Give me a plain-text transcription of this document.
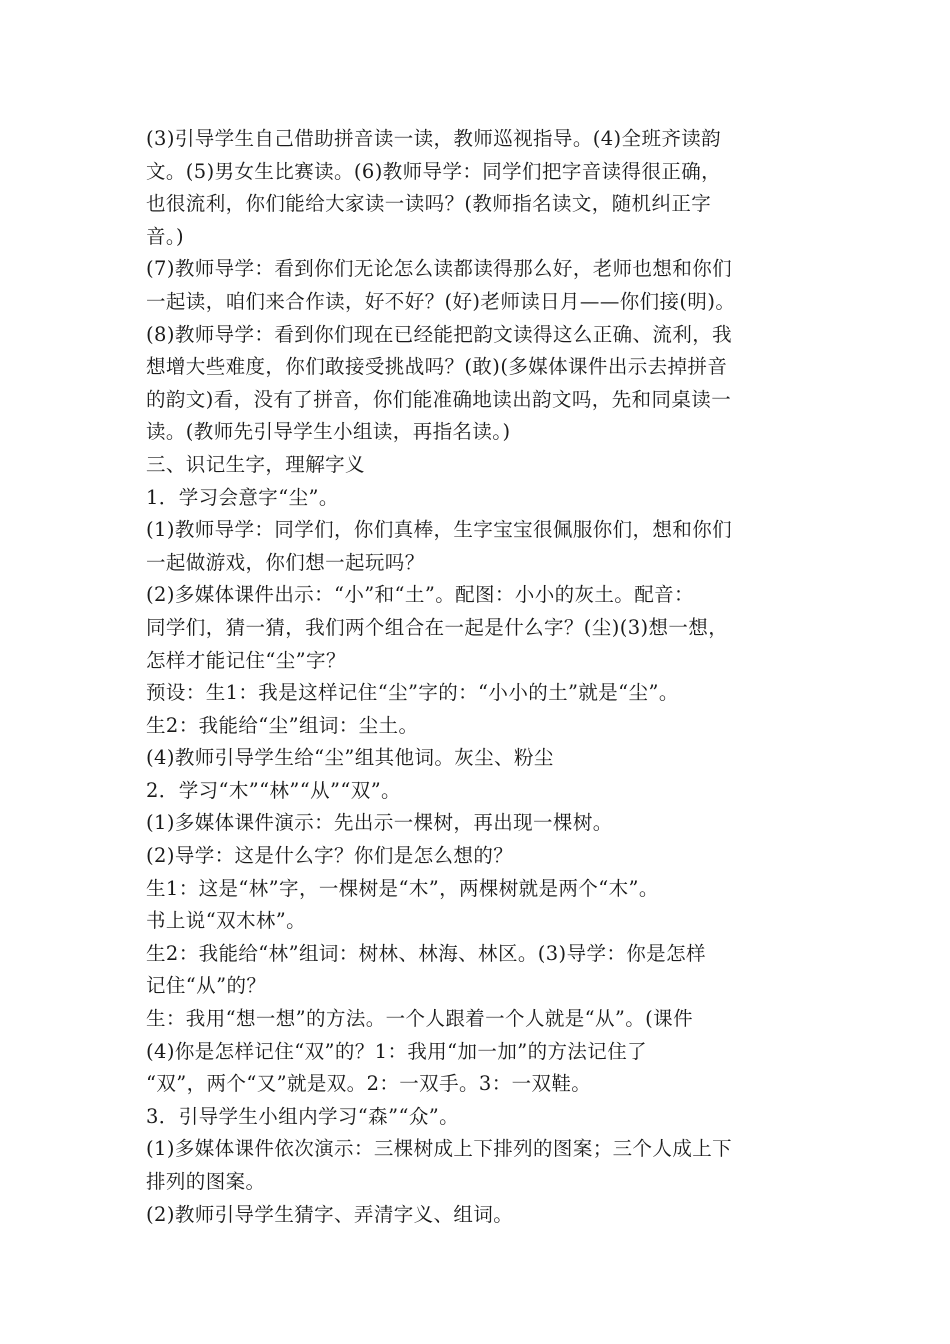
(3)引导学生自己借助拼音读一读，教师巡视指导。(4)全班齐读韵
文。(5)男女生比赛读。(6)教师导学：同学们把字音读得很正确，
也很流利，你们能给大家读一读吗？(教师指名读文，随机纠正字
音。)
(7)教师导学：看到你们无论怎么读都读得那么好，老师也想和你们
一起读，咱们来合作读，好不好？(好)老师读日月——你们接(明)。
(8)教师导学：看到你们现在已经能把韵文读得这么正确、流利，我
想增大些难度，你们敢接受挑战吗？(敢)(多媒体课件出示去掉拼音
的韵文)看，没有了拼音，你们能准确地读出韵文吗，先和同桌读一
读。(教师先引导学生小组读，再指名读。)
三、识记生字，理解字义
1．学习会意字“尘”。
(1)教师导学：同学们，你们真棒，生字宝宝很佩服你们，想和你们
一起做游戏，你们想一起玩吗？
(2)多媒体课件出示：“小”和“土”。配图：小小的灰土。配音：
同学们，猜一猜，我们两个组合在一起是什么字？(尘)(3)想一想，
怎样才能记住“尘”字？
预设：生1：我是这样记住“尘”字的：“小小的土”就是“尘”。
生2：我能给“尘”组词：尘土。
(4)教师引导学生给“尘”组其他词。灰尘、粉尘
2．学习“木”“林”“从”“双”。
(1)多媒体课件演示：先出示一棵树，再出现一棵树。
(2)导学：这是什么字？你们是怎么想的？
生1：这是“林”字，一棵树是“木”，两棵树就是两个“木”。
书上说“双木林”。
生2：我能给“林”组词：树林、林海、林区。(3)导学：你是怎样
记住“从”的？
生：我用“想一想”的方法。一个人跟着一个人就是“从”。(课件
(4)你是怎样记住“双”的？1：我用“加一加”的方法记住了
“双”，两个“又”就是双。2：一双手。3：一双鞋。
3．引导学生小组内学习“森”“众”。
(1)多媒体课件依次演示：三棵树成上下排列的图案；三个人成上下
排列的图案。
(2)教师引导学生猜字、弄清字义、组词。
